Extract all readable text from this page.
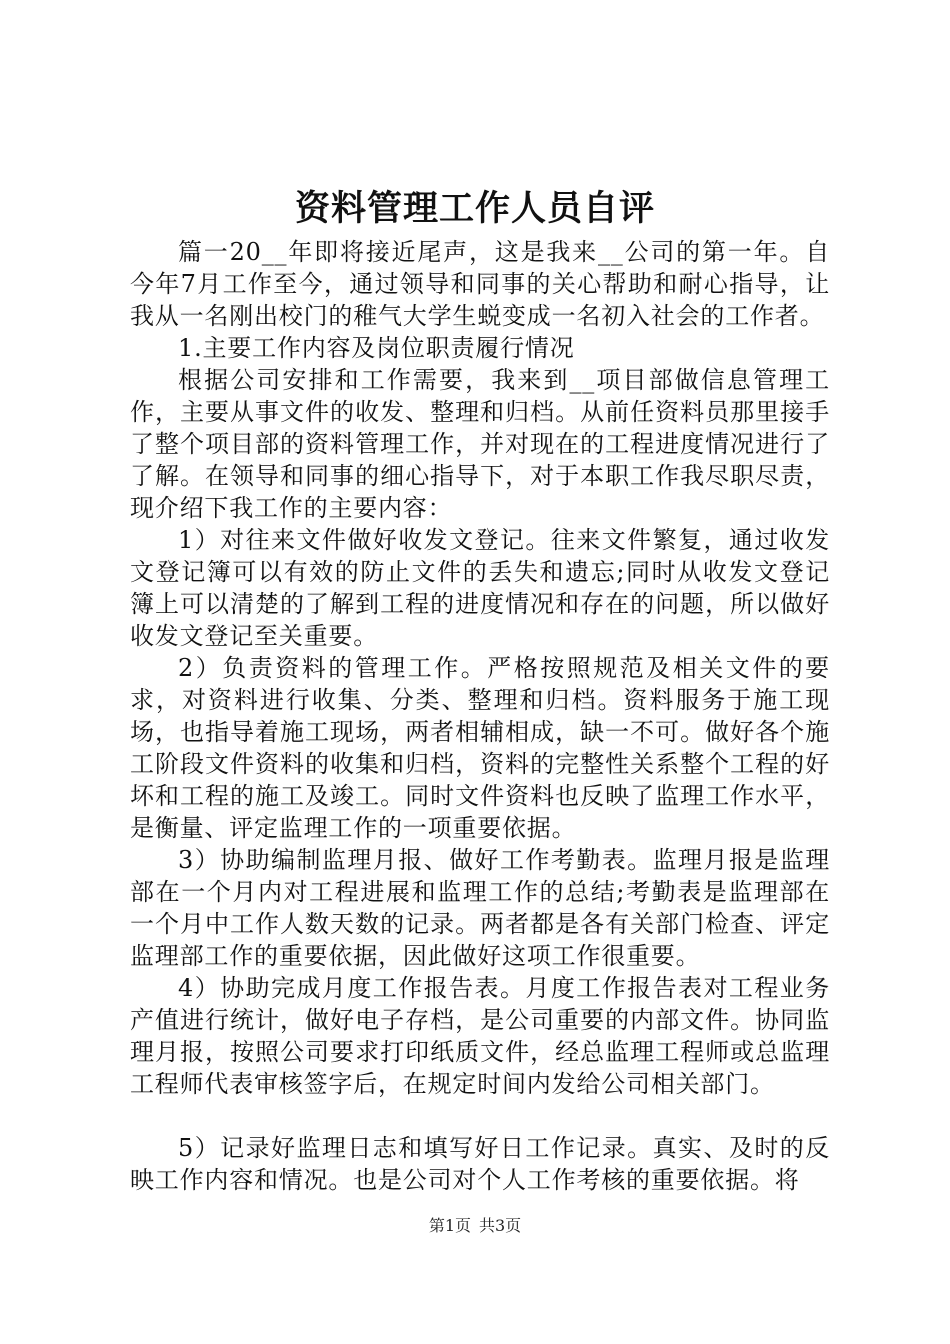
资料管理工作人员自评

篇一20__年即将接近尾声，这是我来__公司的第一年。自今年7月工作至今，通过领导和同事的关心帮助和耐心指导，让我从一名刚出校门的稚气大学生蜕变成一名初入社会的工作者。

1.主要工作内容及岗位职责履行情况

根据公司安排和工作需要，我来到__项目部做信息管理工作，主要从事文件的收发、整理和归档。从前任资料员那里接手了整个项目部的资料管理工作，并对现在的工程进度情况进行了了解。在领导和同事的细心指导下，对于本职工作我尽职尽责，现介绍下我工作的主要内容：

1）对往来文件做好收发文登记。往来文件繁复，通过收发文登记簿可以有效的防止文件的丢失和遗忘;同时从收发文登记簿上可以清楚的了解到工程的进度情况和存在的问题，所以做好收发文登记至关重要。

2）负责资料的管理工作。严格按照规范及相关文件的要求，对资料进行收集、分类、整理和归档。资料服务于施工现场，也指导着施工现场，两者相辅相成，缺一不可。做好各个施工阶段文件资料的收集和归档，资料的完整性关系整个工程的好坏和工程的施工及竣工。同时文件资料也反映了监理工作水平，是衡量、评定监理工作的一项重要依据。

3）协助编制监理月报、做好工作考勤表。监理月报是监理部在一个月内对工程进展和监理工作的总结;考勤表是监理部在一个月中工作人数天数的记录。两者都是各有关部门检查、评定监理部工作的重要依据，因此做好这项工作很重要。

4）协助完成月度工作报告表。月度工作报告表对工程业务产值进行统计，做好电子存档，是公司重要的内部文件。协同监理月报，按照公司要求打印纸质文件，经总监理工程师或总监理工程师代表审核签字后，在规定时间内发给公司相关部门。

5）记录好监理日志和填写好日工作记录。真实、及时的反映工作内容和情况。也是公司对个人工作考核的重要依据。将

第1页 共3页
